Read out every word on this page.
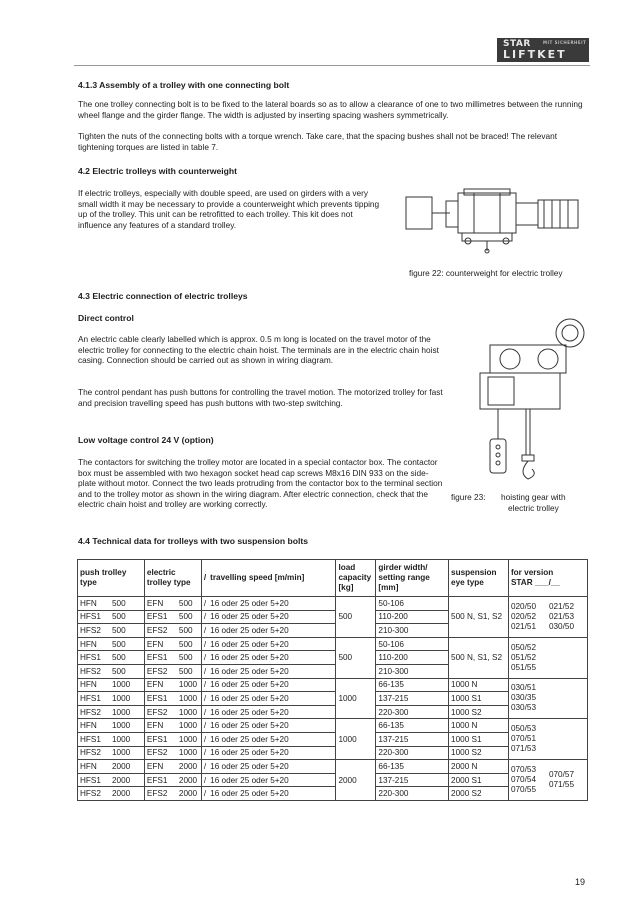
STAR	MIT SICHERHEIT
LIFTKET
4.1.3 Assembly of a trolley with one connecting bolt

The one trolley connecting bolt is to be fixed to the lateral boards so as to allow a clearance of one to two millimetres between the running wheel flange and the girder flange. The width is adjusted by inserting spacing washers symmetrically.

Tighten the nuts of the connecting bolts with a torque wrench. Take care, that the spacing bushes shall not be braced! The relevant tightening torques are listed in table 7.

4.2 Electric trolleys with counterweight

If electric trolleys, especially with double speed, are used on girders with a very small width it may be necessary to provide a counterweight which prevents tipping up of the trolley. This unit can be retrofitted to each trolley. This kit does not influence any features of a standard trolley.

figure 22: counterweight for electric trolley
4.3 Electric connection of electric trolleys
Direct control

An electric cable clearly labelled which is approx. 0.5 m long is located on the travel motor of the electric trolley for connecting to the electric chain hoist. The terminals are in the electric chain hoist casing. Connection should be carried out as shown in wiring diagram.

The control pendant has push buttons for controlling the travel motion. The motorized trolley for fast and precision travelling speed has push buttons with two-step switching.

Low voltage control 24 V (option)

The contactors for switching the trolley motor are located in a special contactor box. The contactor box must be assembled with two hexagon socket head cap screws M8x16 DIN 933 on the side-plate without motor. Connect the two leads protruding from the contactor box to the terminal section and to the trolley motor as shown in the wiring diagram. After electric connection, check that the electric chain hoist and trolley are working correctly.

figure 23: hoisting gear with
electric trolley
4.4 Technical data for trolleys with two suspension bolts
push trolley type	electric trolley type	/ travelling speed [m/min]	load capacity [kg]	girder width/ setting range [mm]	suspension eye type	for version
STAR ___/__

HFN 500	EFN 500	/ 16 oder 25 oder 5+20	500	50-106	500 N, S1, S2	020/50 020/52 021/51
021/52 021/53 030/50

HFS1 500	EFS1 500	/ 16 oder 25 oder 5+20		110-200		
HFS2 500	EFS2 500	/ 16 oder 25 oder 5+20		210-300		
HFN 500	EFN 500	/ 16 oder 25 oder 5+20	500	50-106	500 N, S1, S2	050/52 051/52 051/55

HFS1 500	EFS1 500	/ 16 oder 25 oder 5+20		110-200		
HFS2 500	EFS2 500	/ 16 oder 25 oder 5+20		210-300		
HFN 1000	EFN 1000	/ 16 oder 25 oder 5+20	1000	66-135	1000 N	030/51 030/35 030/53

HFS1 1000	EFS1 1000	/ 16 oder 25 oder 5+20		137-215	1000 S1	
HFS2 1000	EFS2 1000	/ 16 oder 25 oder 5+20		220-300	1000 S2	
HFN 1000	EFN 1000	/ 16 oder 25 oder 5+20	1000	66-135	1000 N	050/53 070/51 071/53

HFS1 1000	EFS1 1000	/ 16 oder 25 oder 5+20		137-215	1000 S1	
HFS2 1000	EFS2 1000	/ 16 oder 25 oder 5+20		220-300	1000 S2	
HFN 2000	EFN 2000	/ 16 oder 25 oder 5+20	2000	66-135	2000 N	070/53 070/54 070/55
070/57 071/55

HFS1 2000	EFS1 2000	/ 16 oder 25 oder 5+20		137-215	2000 S1	
HFS2 2000	EFS2 2000	/ 16 oder 25 oder 5+20		220-300	2000 S2	
19
